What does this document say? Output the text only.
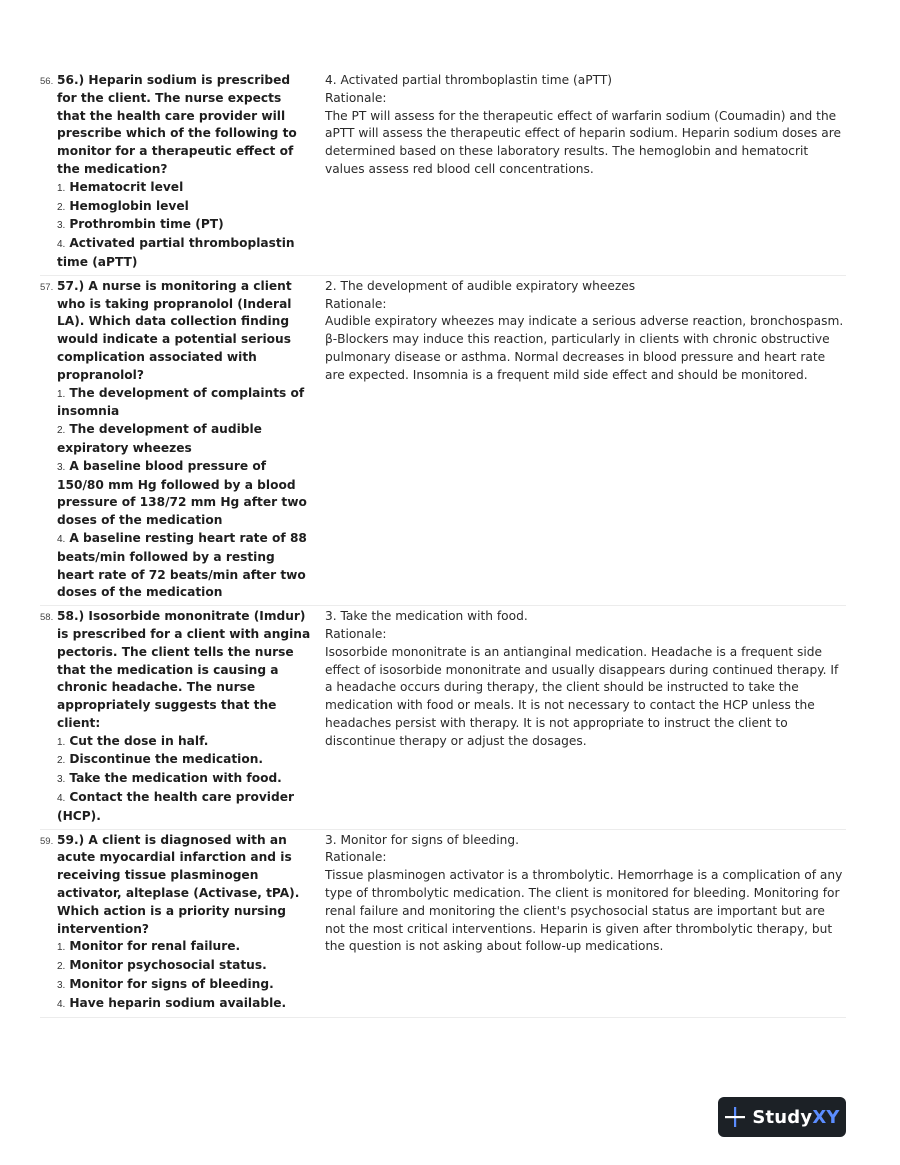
56. 56.) Heparin sodium is prescribed for the client. The nurse expects that the health care provider will prescribe which of the following to monitor for a therapeutic effect of the medication?
1. Hematocrit level
2. Hemoglobin level
3. Prothrombin time (PT)
4. Activated partial thromboplastin time (aPTT)
4. Activated partial thromboplastin time (aPTT)
Rationale:
The PT will assess for the therapeutic effect of warfarin sodium (Coumadin) and the aPTT will assess the therapeutic effect of heparin sodium. Heparin sodium doses are determined based on these laboratory results. The hemoglobin and hematocrit values assess red blood cell concentrations.
57. 57.) A nurse is monitoring a client who is taking propranolol (Inderal LA). Which data collection finding would indicate a potential serious complication associated with propranolol?
1. The development of complaints of insomnia
2. The development of audible expiratory wheezes
3. A baseline blood pressure of 150/80 mm Hg followed by a blood pressure of 138/72 mm Hg after two doses of the medication
4. A baseline resting heart rate of 88 beats/min followed by a resting heart rate of 72 beats/min after two doses of the medication
2. The development of audible expiratory wheezes
Rationale:
Audible expiratory wheezes may indicate a serious adverse reaction, bronchospasm. β-Blockers may induce this reaction, particularly in clients with chronic obstructive pulmonary disease or asthma. Normal decreases in blood pressure and heart rate are expected. Insomnia is a frequent mild side effect and should be monitored.
58. 58.) Isosorbide mononitrate (Imdur) is prescribed for a client with angina pectoris. The client tells the nurse that the medication is causing a chronic headache. The nurse appropriately suggests that the client:
1. Cut the dose in half.
2. Discontinue the medication.
3. Take the medication with food.
4. Contact the health care provider (HCP).
3. Take the medication with food.
Rationale:
Isosorbide mononitrate is an antianginal medication. Headache is a frequent side effect of isosorbide mononitrate and usually disappears during continued therapy. If a headache occurs during therapy, the client should be instructed to take the medication with food or meals. It is not necessary to contact the HCP unless the headaches persist with therapy. It is not appropriate to instruct the client to discontinue therapy or adjust the dosages.
59. 59.) A client is diagnosed with an acute myocardial infarction and is receiving tissue plasminogen activator, alteplase (Activase, tPA). Which action is a priority nursing intervention?
1. Monitor for renal failure.
2. Monitor psychosocial status.
3. Monitor for signs of bleeding.
4. Have heparin sodium available.
3. Monitor for signs of bleeding.
Rationale:
Tissue plasminogen activator is a thrombolytic. Hemorrhage is a complication of any type of thrombolytic medication. The client is monitored for bleeding. Monitoring for renal failure and monitoring the client's psychosocial status are important but are not the most critical interventions. Heparin is given after thrombolytic therapy, but the question is not asking about follow-up medications.
StudyXY
